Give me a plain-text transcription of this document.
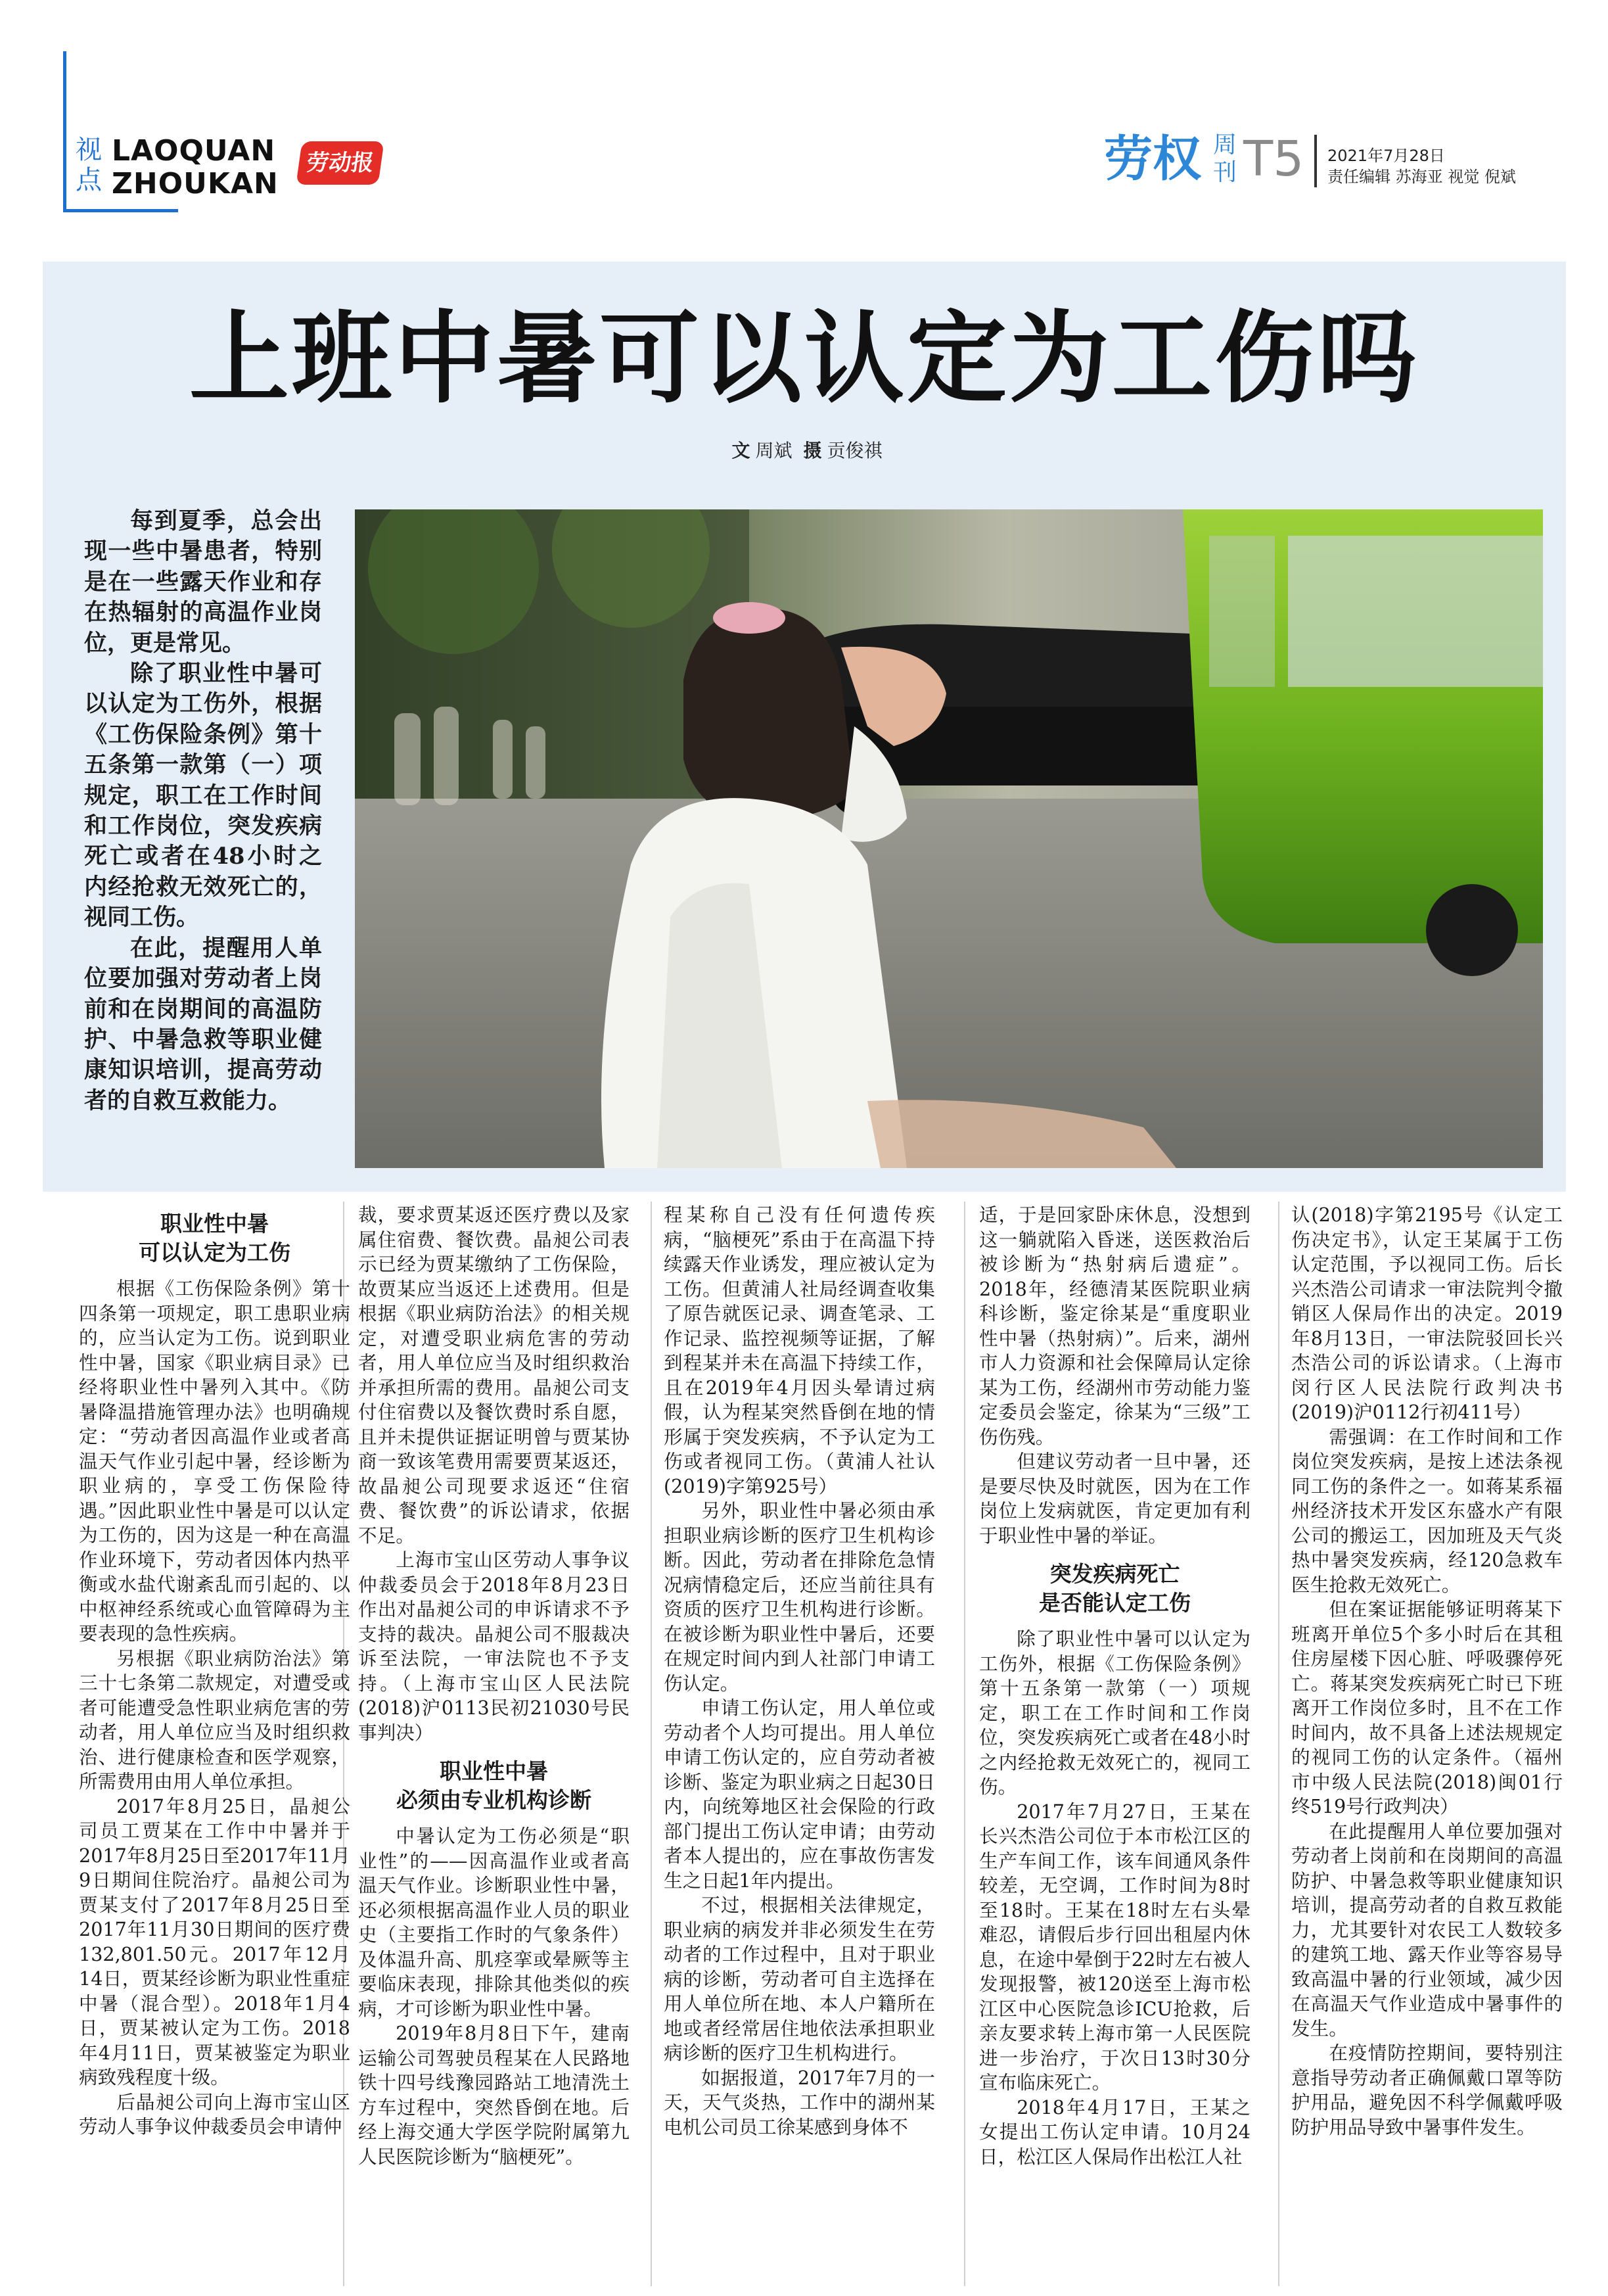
视点
LAOQUAN
ZHOUKAN
劳动报	劳权 周刊 T5 2021年7月28日
责任编辑 苏海亚 视觉 倪斌
上班中暑可以认定为工伤吗
文 周斌 摄 贡俊祺

每到夏季，总会出现一些中暑患者，特别是在一些露天作业和存在热辐射的高温作业岗位，更是常见。

除了职业性中暑可以认定为工伤外，根据《工伤保险条例》第十五条第一款第（一）项规定，职工在工作时间和工作岗位，突发疾病死亡或者在48小时之内经抢救无效死亡的，视同工伤。

在此，提醒用人单位要加强对劳动者上岗前和在岗期间的高温防护、中暑急救等职业健康知识培训，提高劳动者的自救互救能力。

职业性中暑
可以认定为工伤

根据《工伤保险条例》第十四条第一项规定，职工患职业病的，应当认定为工伤。说到职业性中暑，国家《职业病目录》已经将职业性中暑列入其中。《防暑降温措施管理办法》也明确规定：“劳动者因高温作业或者高温天气作业引起中暑，经诊断为职业病的，享受工伤保险待遇。”因此职业性中暑是可以认定为工伤的，因为这是一种在高温作业环境下，劳动者因体内热平衡或水盐代谢紊乱而引起的、以中枢神经系统或心血管障碍为主要表现的急性疾病。

另根据《职业病防治法》第三十七条第二款规定，对遭受或者可能遭受急性职业病危害的劳动者，用人单位应当及时组织救治、进行健康检查和医学观察，所需费用由用人单位承担。

2017年8月25日，晶昶公司员工贾某在工作中中暑并于2017年8月25日至2017年11月9日期间住院治疗。晶昶公司为贾某支付了2017年8月25日至2017年11月30日期间的医疗费132,801.50元。2017年12月14日，贾某经诊断为职业性重症中暑（混合型）。2018年1月4日，贾某被认定为工伤。2018年4月11日，贾某被鉴定为职业病致残程度十级。

后晶昶公司向上海市宝山区劳动人事争议仲裁委员会申请仲

裁，要求贾某返还医疗费以及家属住宿费、餐饮费。晶昶公司表示已经为贾某缴纳了工伤保险，故贾某应当返还上述费用。但是根据《职业病防治法》的相关规定，对遭受职业病危害的劳动者，用人单位应当及时组织救治并承担所需的费用。晶昶公司支付住宿费以及餐饮费时系自愿，且并未提供证据证明曾与贾某协商一致该笔费用需要贾某返还，故晶昶公司现要求返还“住宿费、餐饮费”的诉讼请求，依据不足。

上海市宝山区劳动人事争议仲裁委员会于2018年8月23日作出对晶昶公司的申诉请求不予支持的裁决。晶昶公司不服裁决诉至法院，一审法院也不予支持。（上海市宝山区人民法院(2018)沪0113民初21030号民事判决）

职业性中暑
必须由专业机构诊断

中暑认定为工伤必须是“职业性”的——因高温作业或者高温天气作业。诊断职业性中暑，还必须根据高温作业人员的职业史（主要指工作时的气象条件）及体温升高、肌痉挛或晕厥等主要临床表现，排除其他类似的疾病，才可诊断为职业性中暑。

2019年8月8日下午，建南运输公司驾驶员程某在人民路地铁十四号线豫园路站工地清洗土方车过程中，突然昏倒在地。后经上海交通大学医学院附属第九人民医院诊断为“脑梗死”。

程某称自己没有任何遗传疾病，“脑梗死”系由于在高温下持续露天作业诱发，理应被认定为工伤。但黄浦人社局经调查收集了原告就医记录、调查笔录、工作记录、监控视频等证据，了解到程某并未在高温下持续工作，且在2019年4月因头晕请过病假，认为程某突然昏倒在地的情形属于突发疾病，不予认定为工伤或者视同工伤。（黄浦人社认(2019)字第925号）

另外，职业性中暑必须由承担职业病诊断的医疗卫生机构诊断。因此，劳动者在排除危急情况病情稳定后，还应当前往具有资质的医疗卫生机构进行诊断。在被诊断为职业性中暑后，还要在规定时间内到人社部门申请工伤认定。

申请工伤认定，用人单位或劳动者个人均可提出。用人单位申请工伤认定的，应自劳动者被诊断、鉴定为职业病之日起30日内，向统筹地区社会保险的行政部门提出工伤认定申请；由劳动者本人提出的，应在事故伤害发生之日起1年内提出。

不过，根据相关法律规定，职业病的病发并非必须发生在劳动者的工作过程中，且对于职业病的诊断，劳动者可自主选择在用人单位所在地、本人户籍所在地或者经常居住地依法承担职业病诊断的医疗卫生机构进行。

如据报道，2017年7月的一天，天气炎热，工作中的湖州某电机公司员工徐某感到身体不

适，于是回家卧床休息，没想到这一躺就陷入昏迷，送医救治后被诊断为“热射病后遗症”。2018年，经德清某医院职业病科诊断，鉴定徐某是“重度职业性中暑（热射病）”。后来，湖州市人力资源和社会保障局认定徐某为工伤，经湖州市劳动能力鉴定委员会鉴定，徐某为“三级”工伤伤残。

但建议劳动者一旦中暑，还是要尽快及时就医，因为在工作岗位上发病就医，肯定更加有利于职业性中暑的举证。

突发疾病死亡
是否能认定工伤

除了职业性中暑可以认定为工伤外，根据《工伤保险条例》第十五条第一款第（一）项规定，职工在工作时间和工作岗位，突发疾病死亡或者在48小时之内经抢救无效死亡的，视同工伤。

2017年7月27日，王某在长兴杰浩公司位于本市松江区的生产车间工作，该车间通风条件较差，无空调，工作时间为8时至18时。王某在18时左右头晕难忍，请假后步行回出租屋内休息，在途中晕倒于22时左右被人发现报警，被120送至上海市松江区中心医院急诊ICU抢救，后亲友要求转上海市第一人民医院进一步治疗，于次日13时30分宣布临床死亡。

2018年4月17日，王某之女提出工伤认定申请。10月24日，松江区人保局作出松江人社

认(2018)字第2195号《认定工伤决定书》，认定王某属于工伤认定范围，予以视同工伤。后长兴杰浩公司请求一审法院判令撤销区人保局作出的决定。2019年8月13日，一审法院驳回长兴杰浩公司的诉讼请求。（上海市闵行区人民法院行政判决书(2019)沪0112行初411号）

需强调：在工作时间和工作岗位突发疾病，是按上述法条视同工伤的条件之一。如蒋某系福州经济技术开发区东盛水产有限公司的搬运工，因加班及天气炎热中暑突发疾病，经120急救车医生抢救无效死亡。

但在案证据能够证明蒋某下班离开单位5个多小时后在其租住房屋楼下因心脏、呼吸骤停死亡。蒋某突发疾病死亡时已下班离开工作岗位多时，且不在工作时间内，故不具备上述法规规定的视同工伤的认定条件。（福州市中级人民法院(2018)闽01行终519号行政判决）

在此提醒用人单位要加强对劳动者上岗前和在岗期间的高温防护、中暑急救等职业健康知识培训，提高劳动者的自救互救能力，尤其要针对农民工人数较多的建筑工地、露天作业等容易导致高温中暑的行业领域，减少因在高温天气作业造成中暑事件的发生。

在疫情防控期间，要特别注意指导劳动者正确佩戴口罩等防护用品，避免因不科学佩戴呼吸防护用品导致中暑事件发生。
